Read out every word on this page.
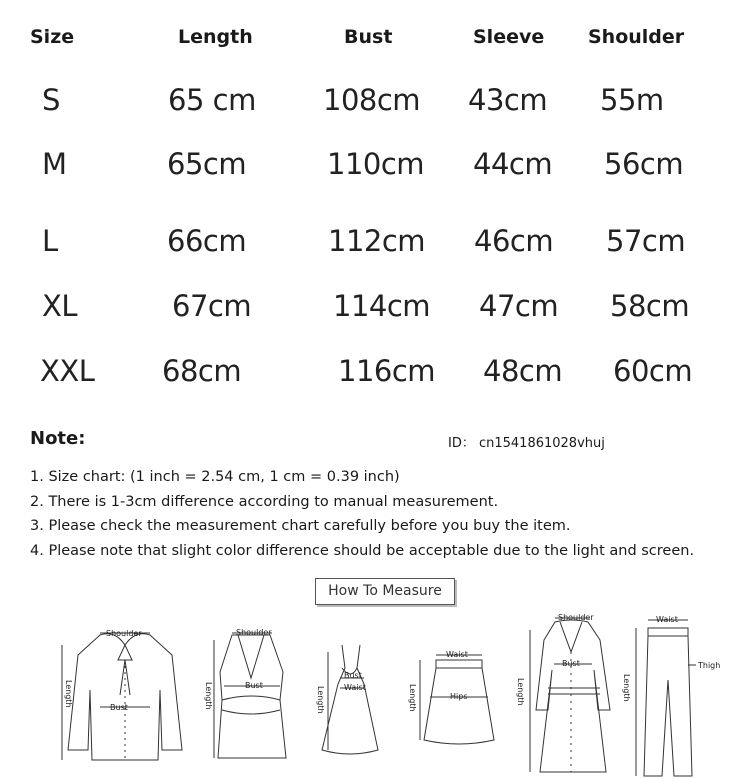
Size	Length	Bust	Sleeve Shoulder
S	65 cm 108cm 43cm 55m
M	65cm	110cm 44cm 56cm
L	66cm	112cm 46cm 57cm
XL	67cm	114cm 47cm 58cm
XXL 68cm	116cm 48cm 60cm
Note:	ID： cn1541861028vhuj
1. Size chart: (1 inch = 2.54 cm, 1 cm = 0.39 inch)
2. There is 1-3cm difference according to manual measurement.
3. Please check the measurement chart carefully before you buy the item.
4. Please note that slight color difference should be acceptable due to the light and screen.
How To Measure
Shoulder
Bust
Length
Shoulder
Bust
Length
Bust
Waist
Length
Waist
Hips
Length
Shoulder
Bust
Length
Waist
Thigh
Length
